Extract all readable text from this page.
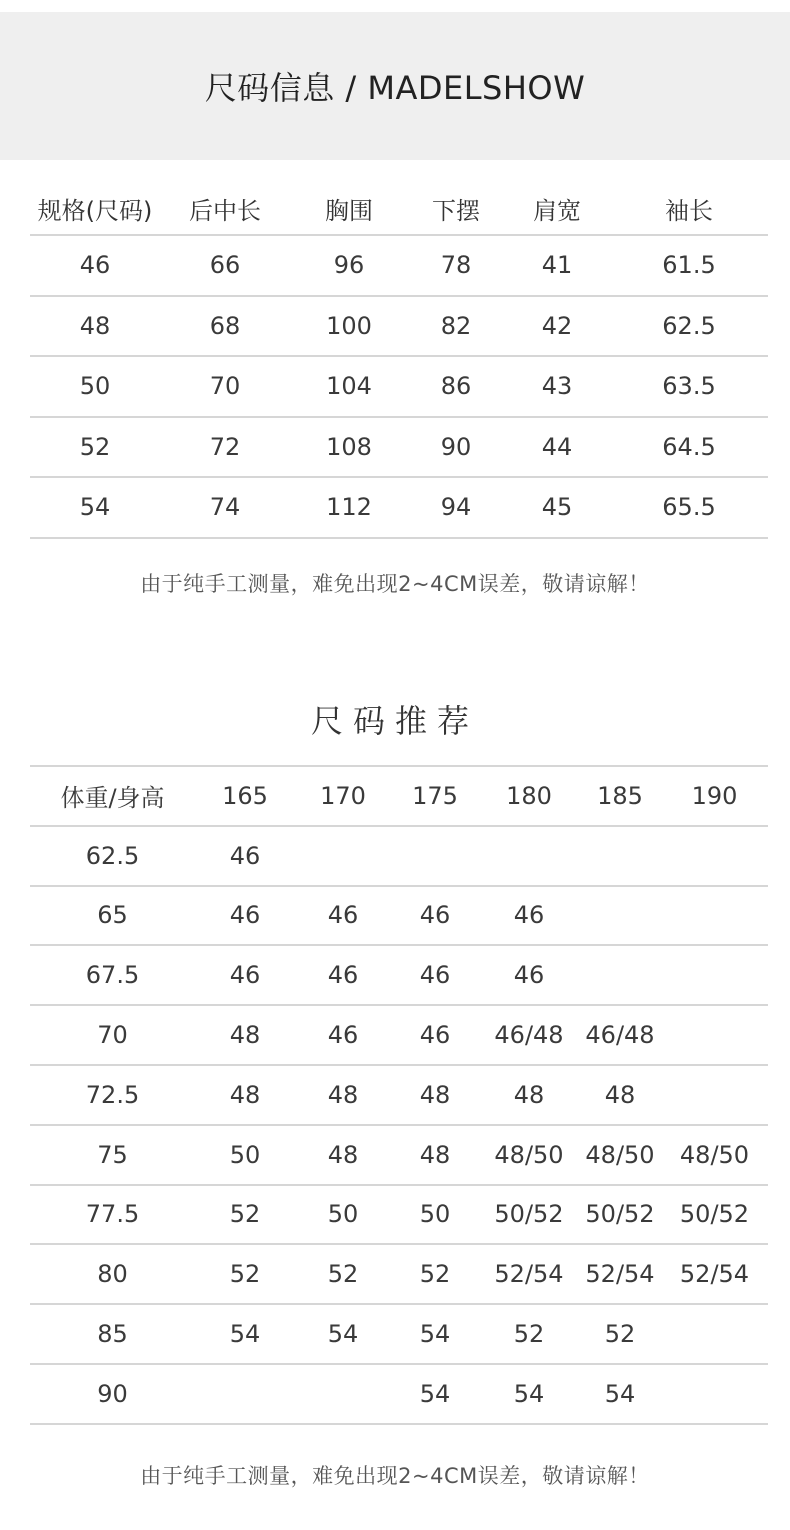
尺码信息 / MADELSHOW
规格(尺码)	后中长	胸围	下摆	肩宽	袖长
46	66	96	78	41	61.5
48	68	100	82	42	62.5
50	70	104	86	43	63.5
52	72	108	90	44	64.5
54	74	112	94	45	65.5
由于纯手工测量，难免出现2~4CM误差，敬请谅解！
尺码推荐
体重/身高	165	170	175	180	185	190
62.5	46					
65	46	46	46	46		
67.5	46	46	46	46		
70	48	46	46	46/48	46/48	
72.5	48	48	48	48	48	
75	50	48	48	48/50	48/50	48/50
77.5	52	50	50	50/52	50/52	50/52
80	52	52	52	52/54	52/54	52/54
85	54	54	54	52	52	
90			54	54	54	
由于纯手工测量，难免出现2~4CM误差，敬请谅解！
